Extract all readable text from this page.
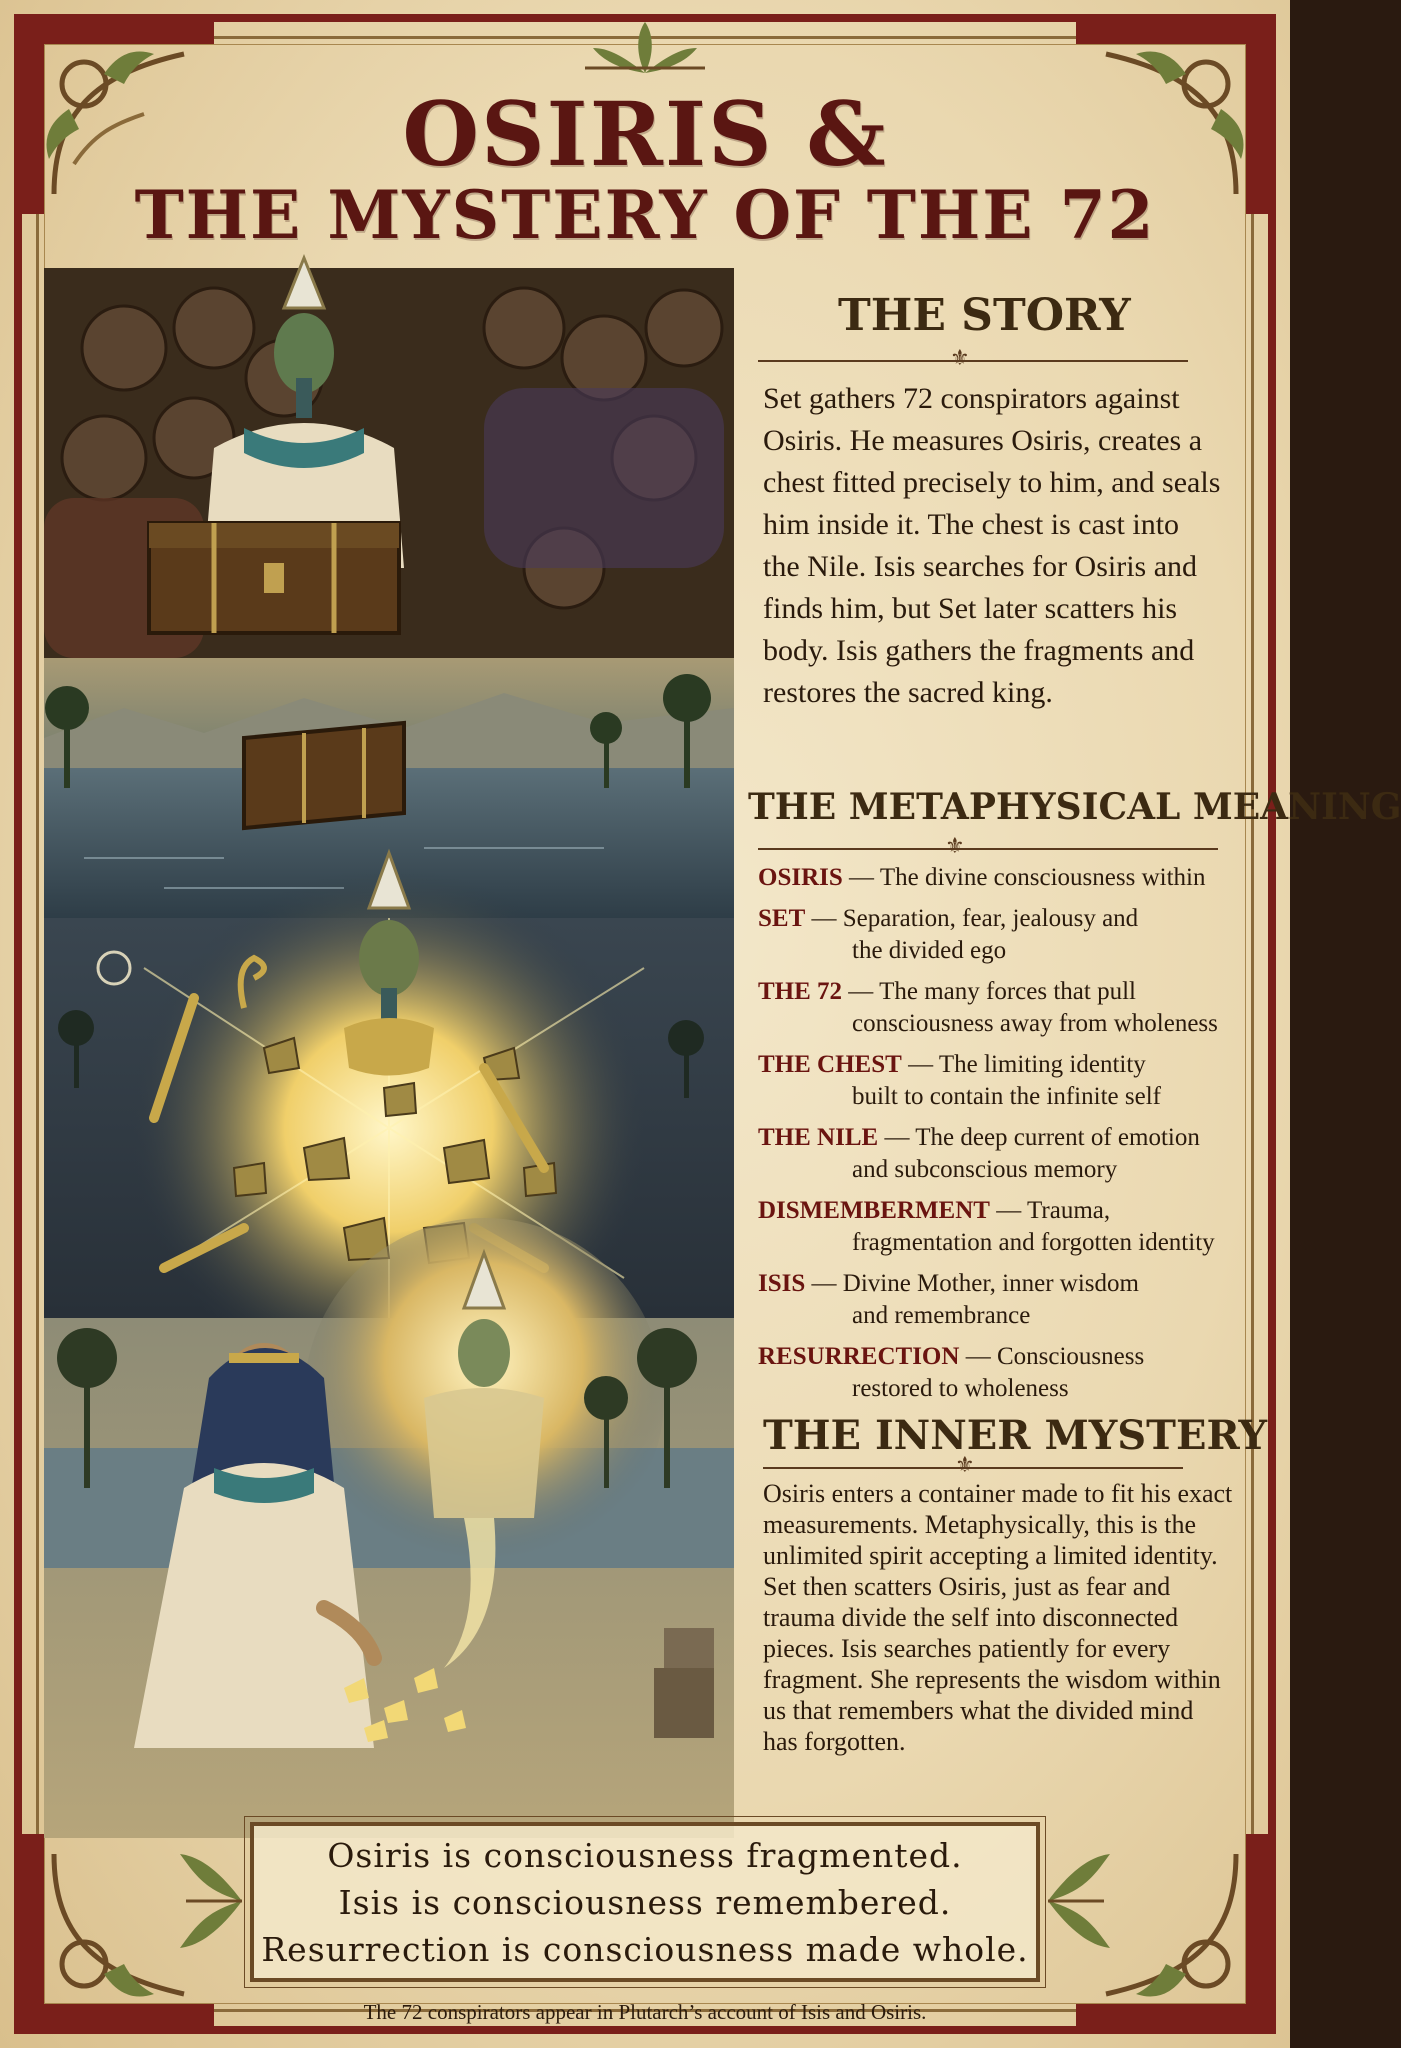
OSIRIS &
THE MYSTERY OF THE 72
THE STORY
⚜
Set gathers 72 conspirators against Osiris. He measures Osiris, creates a chest fitted precisely to him, and seals him inside it. The chest is cast into the Nile. Isis searches for Osiris and finds him, but Set later scatters his body. Isis gathers the fragments and restores the sacred king.
THE METAPHYSICAL MEANING
⚜
OSIRIS — The divine consciousness within
SET — Separation, fear, jealousy and
the divided ego
THE 72 — The many forces that pull
consciousness away from wholeness
THE CHEST — The limiting identity
built to contain the infinite self
THE NILE — The deep current of emotion
and subconscious memory
DISMEMBERMENT — Trauma,
fragmentation and forgotten identity
ISIS — Divine Mother, inner wisdom
and remembrance
RESURRECTION — Consciousness
restored to wholeness
THE INNER MYSTERY
⚜
Osiris enters a container made to fit his exact measurements. Metaphysically, this is the unlimited spirit accepting a limited identity. Set then scatters Osiris, just as fear and trauma divide the self into disconnected pieces. Isis searches patiently for every fragment. She represents the wisdom within us that remembers what the divided mind has forgotten.
Osiris is consciousness fragmented.
Isis is consciousness remembered.
Resurrection is consciousness made whole.
The 72 conspirators appear in Plutarch’s account of Isis and Osiris.
